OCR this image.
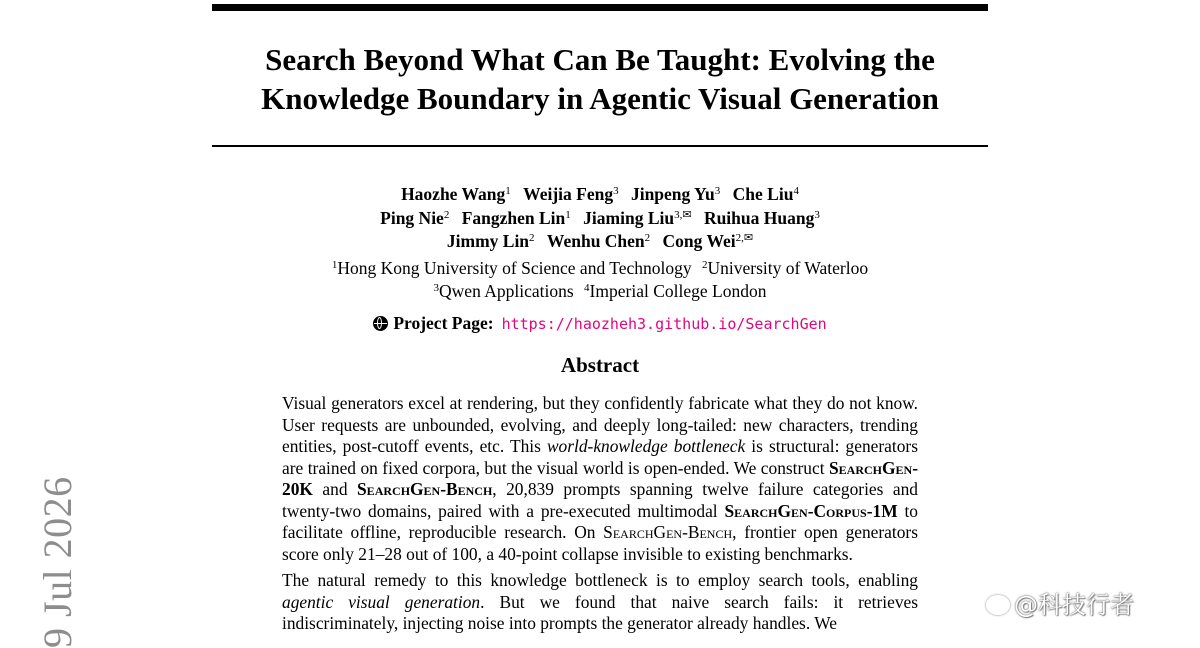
Search Beyond What Can Be Taught: Evolving the
Knowledge Boundary in Agentic Visual Generation
Haozhe Wang$^1$ Weijia Feng$^3$ Jinpeng Yu$^3$ Che Liu$^4$
Ping Nie$^2$ Fangzhen Lin$^1$ Jiaming Liu$^{3,✉}$ Ruihua Huang$^3$
Jimmy Lin$^2$ Wenhu Chen$^2$ Cong Wei$^{2,✉}$
$^1$Hong Kong University of Science and Technology $^2$University of Waterloo
$^3$Qwen Applications $^4$Imperial College London
Project Page: https://haozheh3.github.io/SearchGen
Abstract

Visual generators excel at rendering, but they confidently fabricate what they do not know. User requests are unbounded, evolving, and deeply long-tailed: new characters, trending entities, post-cutoff events, etc. This world-knowledge bottleneck is structural: generators are trained on fixed corpora, but the visual world is open-ended. We construct SearchGen-20K and SearchGen-Bench, 20,839 prompts spanning twelve failure categories and twenty-two domains, paired with a pre-executed multimodal SearchGen-Corpus-1M to facilitate offline, reproducible research. On SearchGen-Bench, frontier open generators score only 21–28 out of 100, a 40-point collapse invisible to existing benchmarks.

The natural remedy to this knowledge bottleneck is to employ search tools, enabling agentic visual generation. But we found that naive search fails: it retrieves indiscriminately, injecting noise into prompts the generator already handles. We

9 Jul 2026	@科技行者
